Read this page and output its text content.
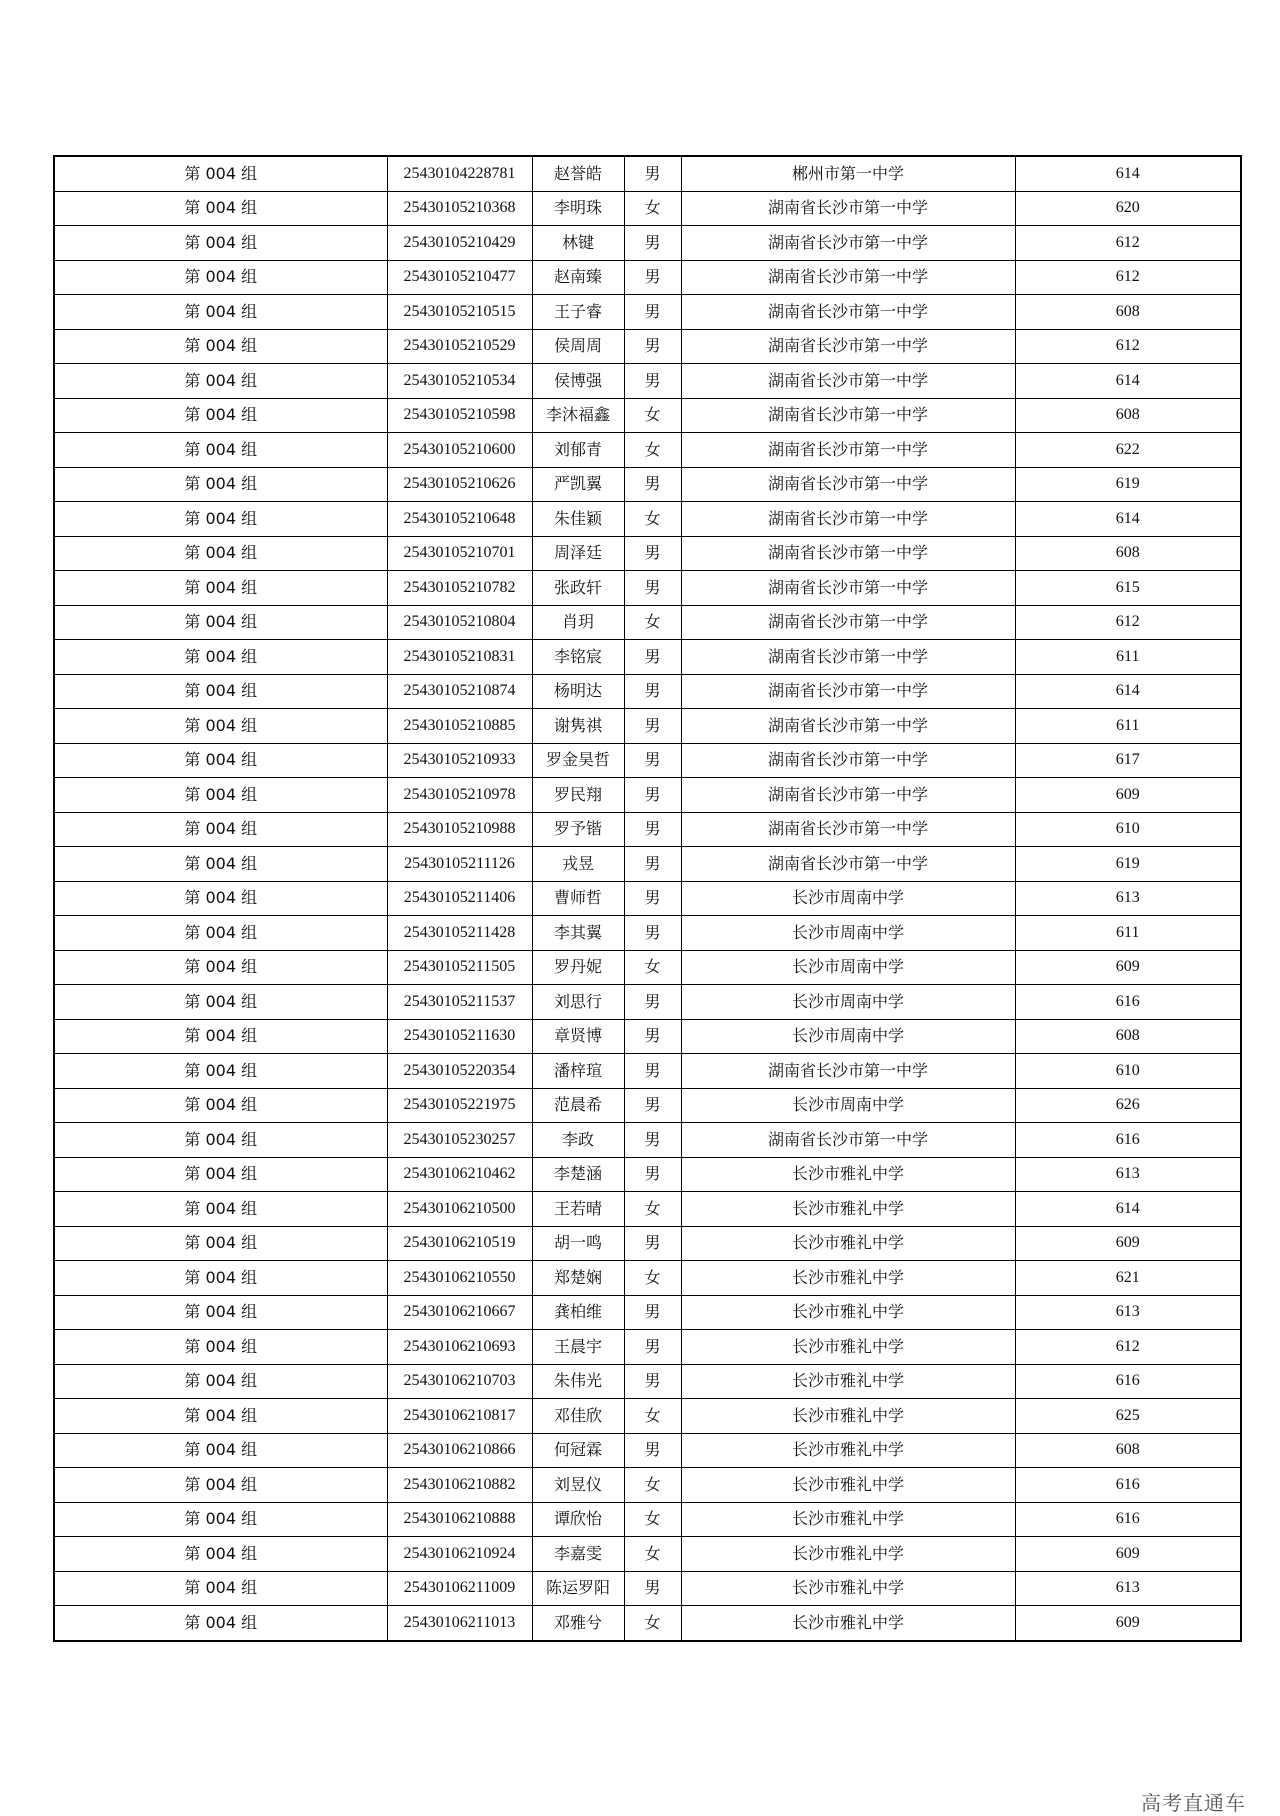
第 004 组	25430104228781	赵誉皓	男	郴州市第一中学	614
第 004 组	25430105210368	李明珠	女	湖南省长沙市第一中学	620
第 004 组	25430105210429	林键	男	湖南省长沙市第一中学	612
第 004 组	25430105210477	赵南臻	男	湖南省长沙市第一中学	612
第 004 组	25430105210515	王子睿	男	湖南省长沙市第一中学	608
第 004 组	25430105210529	侯周周	男	湖南省长沙市第一中学	612
第 004 组	25430105210534	侯博强	男	湖南省长沙市第一中学	614
第 004 组	25430105210598	李沐福鑫	女	湖南省长沙市第一中学	608
第 004 组	25430105210600	刘郁青	女	湖南省长沙市第一中学	622
第 004 组	25430105210626	严凯翼	男	湖南省长沙市第一中学	619
第 004 组	25430105210648	朱佳颖	女	湖南省长沙市第一中学	614
第 004 组	25430105210701	周泽廷	男	湖南省长沙市第一中学	608
第 004 组	25430105210782	张政轩	男	湖南省长沙市第一中学	615
第 004 组	25430105210804	肖玥	女	湖南省长沙市第一中学	612
第 004 组	25430105210831	李铭宸	男	湖南省长沙市第一中学	611
第 004 组	25430105210874	杨明达	男	湖南省长沙市第一中学	614
第 004 组	25430105210885	谢隽祺	男	湖南省长沙市第一中学	611
第 004 组	25430105210933	罗金昊哲	男	湖南省长沙市第一中学	617
第 004 组	25430105210978	罗民翔	男	湖南省长沙市第一中学	609
第 004 组	25430105210988	罗予锴	男	湖南省长沙市第一中学	610
第 004 组	25430105211126	戎昱	男	湖南省长沙市第一中学	619
第 004 组	25430105211406	曹师哲	男	长沙市周南中学	613
第 004 组	25430105211428	李其翼	男	长沙市周南中学	611
第 004 组	25430105211505	罗丹妮	女	长沙市周南中学	609
第 004 组	25430105211537	刘思行	男	长沙市周南中学	616
第 004 组	25430105211630	章贤博	男	长沙市周南中学	608
第 004 组	25430105220354	潘梓瑄	男	湖南省长沙市第一中学	610
第 004 组	25430105221975	范晨希	男	长沙市周南中学	626
第 004 组	25430105230257	李政	男	湖南省长沙市第一中学	616
第 004 组	25430106210462	李楚涵	男	长沙市雅礼中学	613
第 004 组	25430106210500	王若晴	女	长沙市雅礼中学	614
第 004 组	25430106210519	胡一鸣	男	长沙市雅礼中学	609
第 004 组	25430106210550	郑楚娴	女	长沙市雅礼中学	621
第 004 组	25430106210667	龚柏维	男	长沙市雅礼中学	613
第 004 组	25430106210693	王晨宇	男	长沙市雅礼中学	612
第 004 组	25430106210703	朱伟光	男	长沙市雅礼中学	616
第 004 组	25430106210817	邓佳欣	女	长沙市雅礼中学	625
第 004 组	25430106210866	何冠霖	男	长沙市雅礼中学	608
第 004 组	25430106210882	刘昱仪	女	长沙市雅礼中学	616
第 004 组	25430106210888	谭欣怡	女	长沙市雅礼中学	616
第 004 组	25430106210924	李嘉雯	女	长沙市雅礼中学	609
第 004 组	25430106211009	陈运罗阳	男	长沙市雅礼中学	613
第 004 组	25430106211013	邓雅兮	女	长沙市雅礼中学	609
高考直通车
